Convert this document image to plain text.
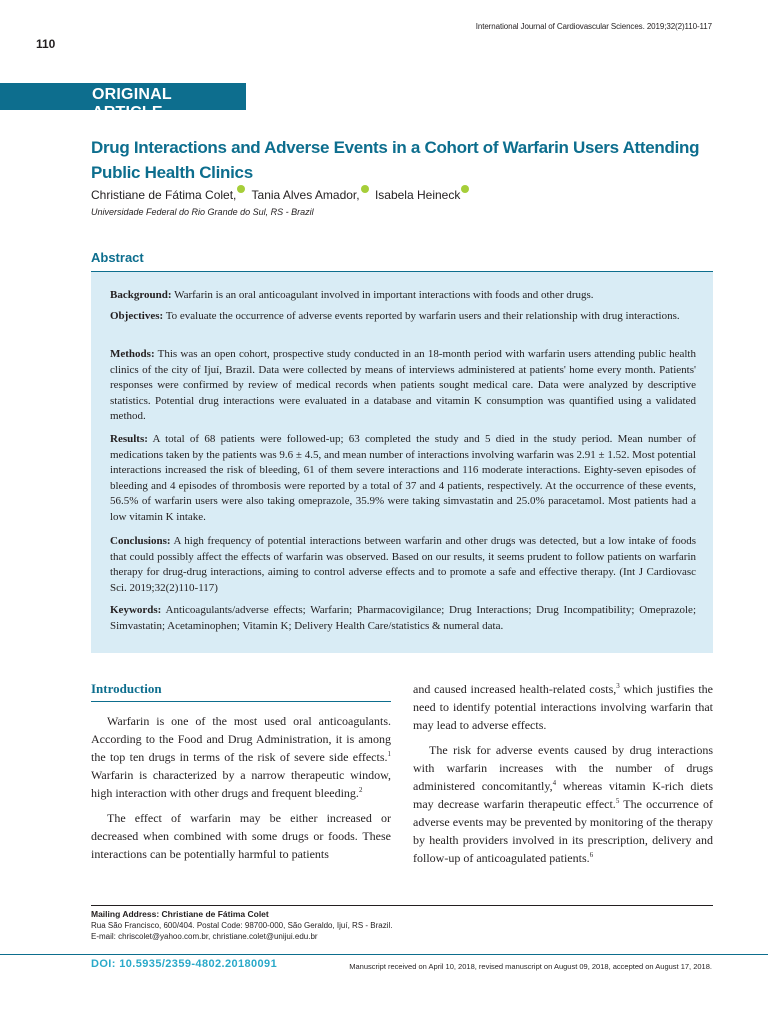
110
International Journal of Cardiovascular Sciences. 2019;32(2)110-117
ORIGINAL ARTICLE
Drug Interactions and Adverse Events in a Cohort of Warfarin Users Attending Public Health Clinics
Christiane de Fátima Colet, Tania Alves Amador, Isabela Heineck
Universidade Federal do Rio Grande do Sul, RS - Brazil
Abstract
Background: Warfarin is an oral anticoagulant involved in important interactions with foods and other drugs.
Objectives: To evaluate the occurrence of adverse events reported by warfarin users and their relationship with drug interactions.
Methods: This was an open cohort, prospective study conducted in an 18-month period with warfarin users attending public health clinics of the city of Ijuí, Brazil. Data were collected by means of interviews administered at patients' home every month. Patients' responses were confirmed by review of medical records when patients sought medical care. Data were analyzed by descriptive statistics. Potential drug interactions were evaluated in a database and vitamin K consumption was quantified using a validated method.
Results: A total of 68 patients were followed-up; 63 completed the study and 5 died in the study period. Mean number of medications taken by the patients was 9.6 ± 4.5, and mean number of interactions involving warfarin was 2.91 ± 1.52. Most potential interactions increased the risk of bleeding, 61 of them severe interactions and 116 moderate interactions. Eighty-seven episodes of bleeding and 4 episodes of thrombosis were reported by a total of 37 and 4 patients, respectively. At the occurrence of these events, 56.5% of warfarin users were also taking omeprazole, 35.9% were taking simvastatin and 25.0% paracetamol. Most patients had a low vitamin K intake.
Conclusions: A high frequency of potential interactions between warfarin and other drugs was detected, but a low intake of foods that could possibly affect the effects of warfarin was observed. Based on our results, it seems prudent to follow patients on warfarin therapy for drug-drug interactions, aiming to control adverse effects and to promote a safe and effective therapy. (Int J Cardiovasc Sci. 2019;32(2)110-117)
Keywords: Anticoagulants/adverse effects; Warfarin; Pharmacovigilance; Drug Interactions; Drug Incompatibility; Omeprazole; Simvastatin; Acetaminophen; Vitamin K; Delivery Health Care/statistics & numeral data.
Introduction

Warfarin is one of the most used oral anticoagulants. According to the Food and Drug Administration, it is among the top ten drugs in terms of the risk of severe side effects.$^1$ Warfarin is characterized by a narrow therapeutic window, high interaction with other drugs and frequent bleeding.$^2$

The effect of warfarin may be either increased or decreased when combined with some drugs or foods. These interactions can be potentially harmful to patients

and caused increased health-related costs,$^3$ which justifies the need to identify potential interactions involving warfarin that may lead to adverse effects.

The risk for adverse events caused by drug interactions with warfarin increases with the number of drugs administered concomitantly,$^4$ whereas vitamin K-rich diets may decrease warfarin therapeutic effect.$^5$ The occurrence of adverse events may be prevented by monitoring of the therapy by health providers involved in its prescription, delivery and follow-up of anticoagulated patients.$^6$

Mailing Address: Christiane de Fátima Colet
Rua São Francisco, 600/404. Postal Code: 98700-000, São Geraldo, Ijuí, RS - Brazil.
E-mail: chriscolet@yahoo.com.br, christiane.colet@unijui.edu.br
DOI: 10.5935/2359-4802.20180091	Manuscript received on April 10, 2018, revised manuscript on August 09, 2018, accepted on August 17, 2018.
